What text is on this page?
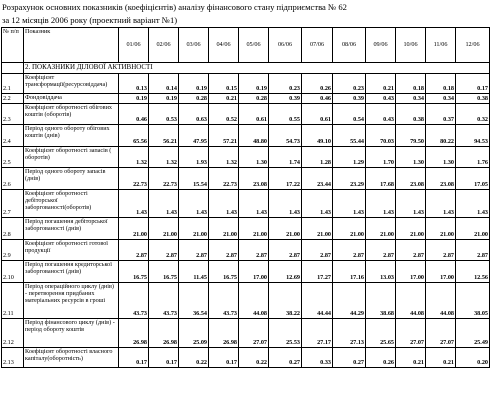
Розрахунок основних показників (коефіцієнтів) аналізу фінансового стану підприємства № 62
за 12 місяців 2006 року (проектний варіант №1)
№ п/п	Показник	01/06	02/06	03/06	04/06	05/06	06/06	07/06	08/06	09/06	10/06	11/06	12/06
	2. ПОКАЗНИКИ ДІЛОВОЇ АКТИВНОСТІ												
2.1	Коефіцієнт трансформації(ресурсовіддача)	0.13	0.14	0.19	0.15	0.19	0.23	0.26	0.23	0.21	0.18	0.18	0.17
2.2	Фондовіддача	0.19	0.19	0.28	0.21	0.28	0.39	0.46	0.39	0.43	0.34	0.34	0.38
2.3	Коефіцієнт оборотності обігових коштів (оборотів)	0.46	0.53	0.63	0.52	0.61	0.55	0.61	0.54	0.43	0.38	0.37	0.32
2.4	Період одного обороту обігових коштів (днів)	65.56	56.21	47.95	57.21	48.80	54.73	49.10	55.44	70.03	79.50	80.22	94.53
2.5	Коефіцієнт оборотності запасів ( оборотів)	1.32	1.32	1.93	1.32	1.30	1.74	1.28	1.29	1.70	1.30	1.30	1.76
2.6	Період одного обороту запасів (днів)	22.73	22.73	15.54	22.73	23.08	17.22	23.44	23.29	17.68	23.08	23.08	17.05
2.7	Коефіцієнт оборотності дебіторської заборгованості(оборотів)	1.43	1.43	1.43	1.43	1.43	1.43	1.43	1.43	1.43	1.43	1.43	1.43
2.8	Період погашення дебіторської заборгованості (днів)	21.00	21.00	21.00	21.00	21.00	21.00	21.00	21.00	21.00	21.00	21.00	21.00
2.9	Коефіцієнт оборотності готової продукції	2.87	2.87	2.87	2.87	2.87	2.87	2.87	2.87	2.87	2.87	2.87	2.87
2.10	Період погашення кредиторської заборгованості (днів)	16.75	16.75	11.45	16.75	17.00	12.69	17.27	17.16	13.03	17.00	17.00	12.56
2.11	Період операційного циклу (днів) - перетворення придбаних матеріальних ресурсів в гроші	43.73	43.73	36.54	43.73	44.08	38.22	44.44	44.29	38.68	44.08	44.08	38.05
2.12	Період фінансового циклу (днів) - період обороту коштів	26.98	26.98	25.09	26.98	27.07	25.53	27.17	27.13	25.65	27.07	27.07	25.49
2.13	Коефіцієнт оборотності власного капіталу(оборотність)	0.17	0.17	0.22	0.17	0.22	0.27	0.33	0.27	0.26	0.21	0.21	0.20
